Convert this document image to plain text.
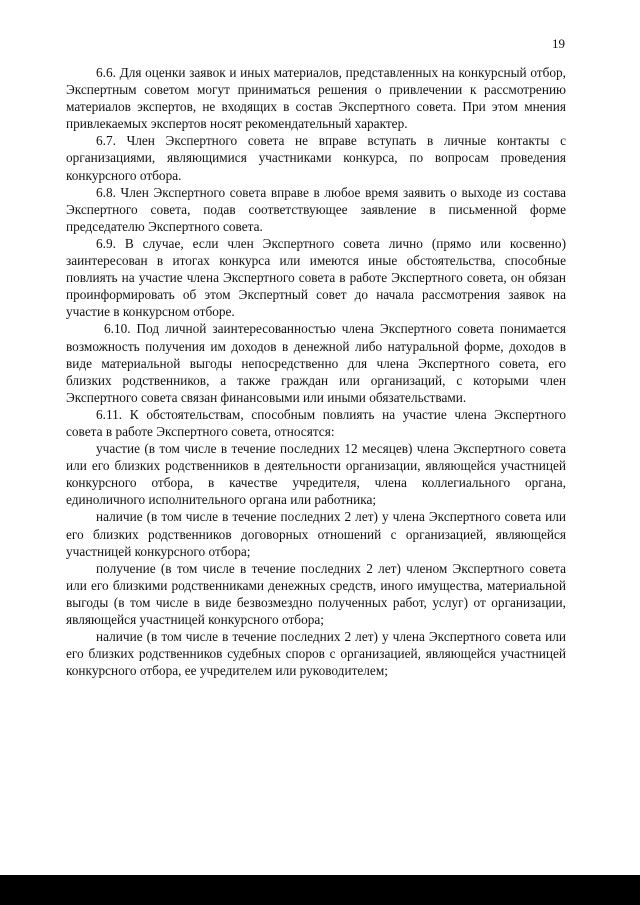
19

6.6. Для оценки заявок и иных материалов, представленных на конкурсный отбор, Экспертным советом могут приниматься решения о привлечении к рассмотрению материалов экспертов, не входящих в состав Экспертного совета. При этом мнения привлекаемых экспертов носят рекомендательный характер.

6.7. Член Экспертного совета не вправе вступать в личные контакты с организациями, являющимися участниками конкурса, по вопросам проведения конкурсного отбора.

6.8. Член Экспертного совета вправе в любое время заявить о выходе из состава Экспертного совета, подав соответствующее заявление в письменной форме председателю Экспертного совета.

6.9. В случае, если член Экспертного совета лично (прямо или косвенно) заинтересован в итогах конкурса или имеются иные обстоятельства, способные повлиять на участие члена Экспертного совета в работе Экспертного совета, он обязан проинформировать об этом Экспертный совет до начала рассмотрения заявок на участие в конкурсном отборе.

6.10. Под личной заинтересованностью члена Экспертного совета понимается возможность получения им доходов в денежной либо натуральной форме, доходов в виде материальной выгоды непосредственно для члена Экспертного совета, его близких родственников, а также граждан или организаций, с которыми член Экспертного совета связан финансовыми или иными обязательствами.

6.11. К обстоятельствам, способным повлиять на участие члена Экспертного совета в работе Экспертного совета, относятся:

участие (в том числе в течение последних 12 месяцев) члена Экспертного совета или его близких родственников в деятельности организации, являющейся участницей конкурсного отбора, в качестве учредителя, члена коллегиального органа, единоличного исполнительного органа или работника;

наличие (в том числе в течение последних 2 лет) у члена Экспертного совета или его близких родственников договорных отношений с организацией, являющейся участницей конкурсного отбора;

получение (в том числе в течение последних 2 лет) членом Экспертного совета или его близкими родственниками денежных средств, иного имущества, материальной выгоды (в том числе в виде безвозмездно полученных работ, услуг) от организации, являющейся участницей конкурсного отбора;

наличие (в том числе в течение последних 2 лет) у члена Экспертного совета или его близких родственников судебных споров с организацией, являющейся участницей конкурсного отбора, ее учредителем или руководителем;
